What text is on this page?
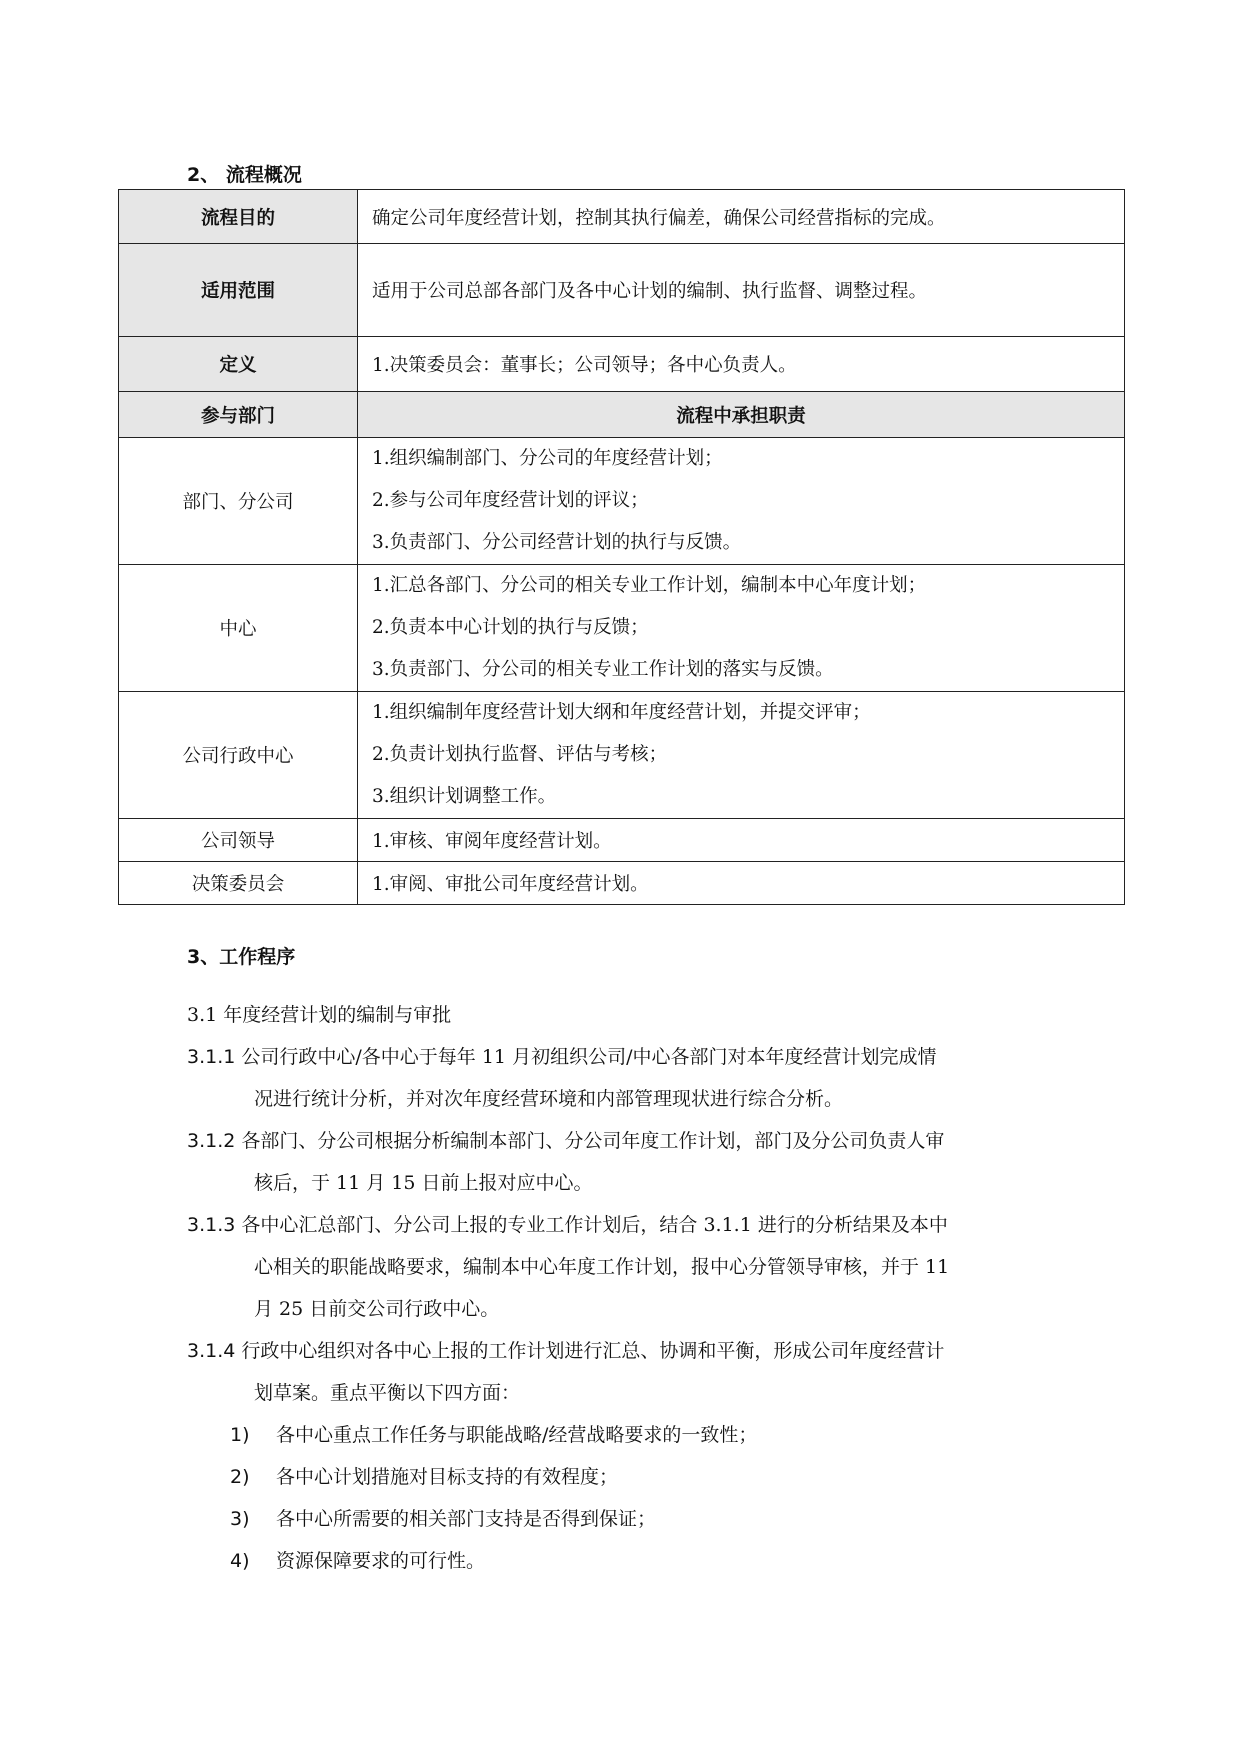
2、 流程概况
流程目的	确定公司年度经营计划，控制其执行偏差，确保公司经营指标的完成。
适用范围	适用于公司总部各部门及各中心计划的编制、执行监督、调整过程。
定义	1.决策委员会：董事长；公司领导；各中心负责人。
参与部门	流程中承担职责
部门、分公司	1.组织编制部门、分公司的年度经营计划；
2.参与公司年度经营计划的评议；
3.负责部门、分公司经营计划的执行与反馈。

中心	1.汇总各部门、分公司的相关专业工作计划，编制本中心年度计划；
2.负责本中心计划的执行与反馈；
3.负责部门、分公司的相关专业工作计划的落实与反馈。

公司行政中心	1.组织编制年度经营计划大纲和年度经营计划，并提交评审；
2.负责计划执行监督、评估与考核；
3.组织计划调整工作。

公司领导	1.审核、审阅年度经营计划。
决策委员会	1.审阅、审批公司年度经营计划。
3、工作程序
3.1 年度经营计划的编制与审批
3.1.1 公司行政中心/各中心于每年 11 月初组织公司/中心各部门对本年度经营计划完成情
况进行统计分析，并对次年度经营环境和内部管理现状进行综合分析。
3.1.2 各部门、分公司根据分析编制本部门、分公司年度工作计划，部门及分公司负责人审
核后，于 11 月 15 日前上报对应中心。
3.1.3 各中心汇总部门、分公司上报的专业工作计划后，结合 3.1.1 进行的分析结果及本中
心相关的职能战略要求，编制本中心年度工作计划，报中心分管领导审核，并于 11
月 25 日前交公司行政中心。
3.1.4 行政中心组织对各中心上报的工作计划进行汇总、协调和平衡，形成公司年度经营计
划草案。重点平衡以下四方面：
1) 各中心重点工作任务与职能战略/经营战略要求的一致性；
2) 各中心计划措施对目标支持的有效程度；
3) 各中心所需要的相关部门支持是否得到保证；
4) 资源保障要求的可行性。
